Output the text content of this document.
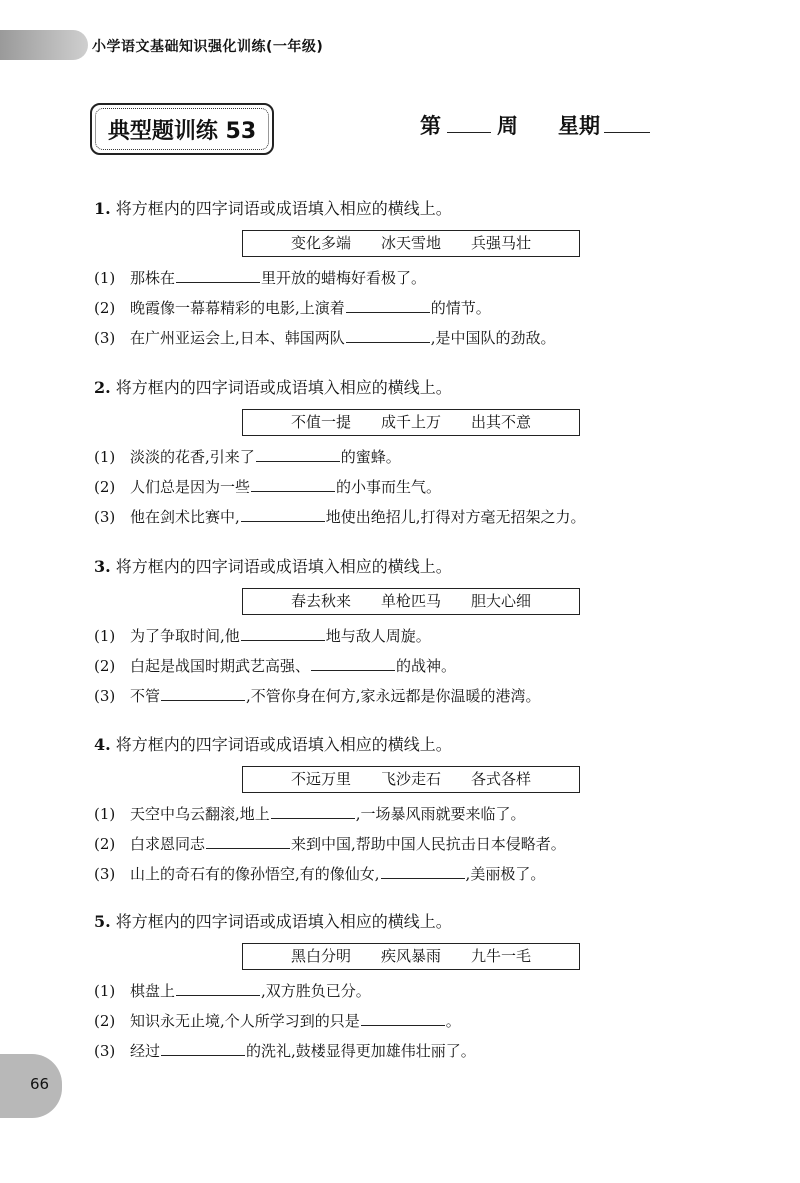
小学语文基础知识强化训练(一年级)
典型题训练 53	第	周 星期
1. 将方框内的四字词语或成语填入相应的横线上。
变化多端 冰天雪地 兵强马壮
(1) 那株在	里开放的蜡梅好看极了。
(2) 晚霞像一幕幕精彩的电影,上演着	的情节。
(3) 在广州亚运会上,日本、韩国两队	,是中国队的劲敌。
2. 将方框内的四字词语或成语填入相应的横线上。
不值一提 成千上万 出其不意
(1) 淡淡的花香,引来了	的蜜蜂。
(2) 人们总是因为一些	的小事而生气。
(3) 他在剑术比赛中,	地使出绝招儿,打得对方毫无招架之力。
3. 将方框内的四字词语或成语填入相应的横线上。
春去秋来 单枪匹马 胆大心细
(1) 为了争取时间,他	地与敌人周旋。
(2) 白起是战国时期武艺高强、	的战神。
(3) 不管	,不管你身在何方,家永远都是你温暖的港湾。
4. 将方框内的四字词语或成语填入相应的横线上。
不远万里 飞沙走石 各式各样
(1) 天空中乌云翻滚,地上	,一场暴风雨就要来临了。
(2) 白求恩同志	来到中国,帮助中国人民抗击日本侵略者。
(3) 山上的奇石有的像孙悟空,有的像仙女,	,美丽极了。
5. 将方框内的四字词语或成语填入相应的横线上。
黑白分明 疾风暴雨 九牛一毛
(1) 棋盘上	,双方胜负已分。
(2) 知识永无止境,个人所学习到的只是	。
(3) 经过	的洗礼,鼓楼显得更加雄伟壮丽了。
66
